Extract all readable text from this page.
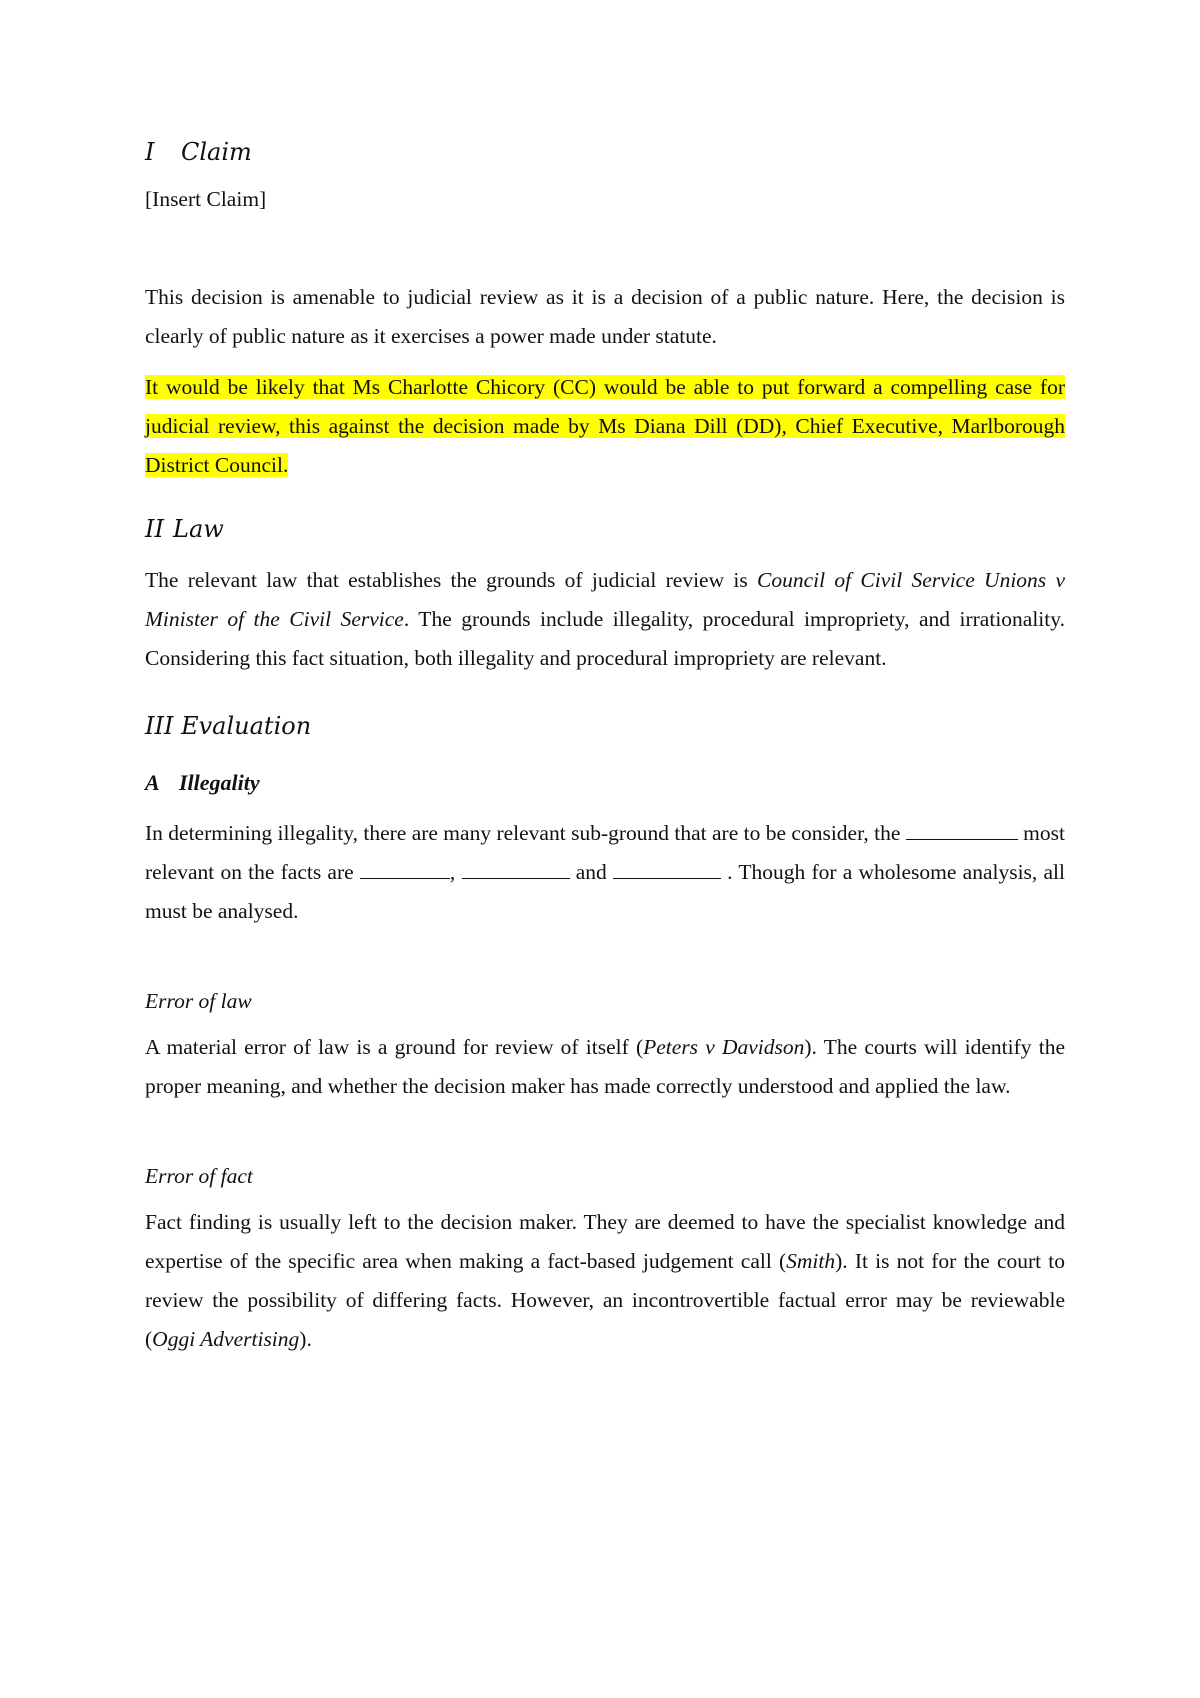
I Claim

[Insert Claim]

This decision is amenable to judicial review as it is a decision of a public nature. Here, the decision is clearly of public nature as it exercises a power made under statute.

It would be likely that Ms Charlotte Chicory (CC) would be able to put forward a compelling case for judicial review, this against the decision made by Ms Diana Dill (DD), Chief Executive, Marlborough District Council.

II Law

The relevant law that establishes the grounds of judicial review is Council of Civil Service Unions v Minister of the Civil Service. The grounds include illegality, procedural impropriety, and irrationality. Considering this fact situation, both illegality and procedural impropriety are relevant.

III Evaluation
A Illegality

In determining illegality, there are many relevant sub-ground that are to be consider, the	most relevant on the facts are	,	and	. Though for a wholesome analysis, all must be analysed.

Error of law

A material error of law is a ground for review of itself (Peters v Davidson). The courts will identify the proper meaning, and whether the decision maker has made correctly understood and applied the law.

Error of fact

Fact finding is usually left to the decision maker. They are deemed to have the specialist knowledge and expertise of the specific area when making a fact-based judgement call (Smith). It is not for the court to review the possibility of differing facts. However, an incontrovertible factual error may be reviewable (Oggi Advertising).
